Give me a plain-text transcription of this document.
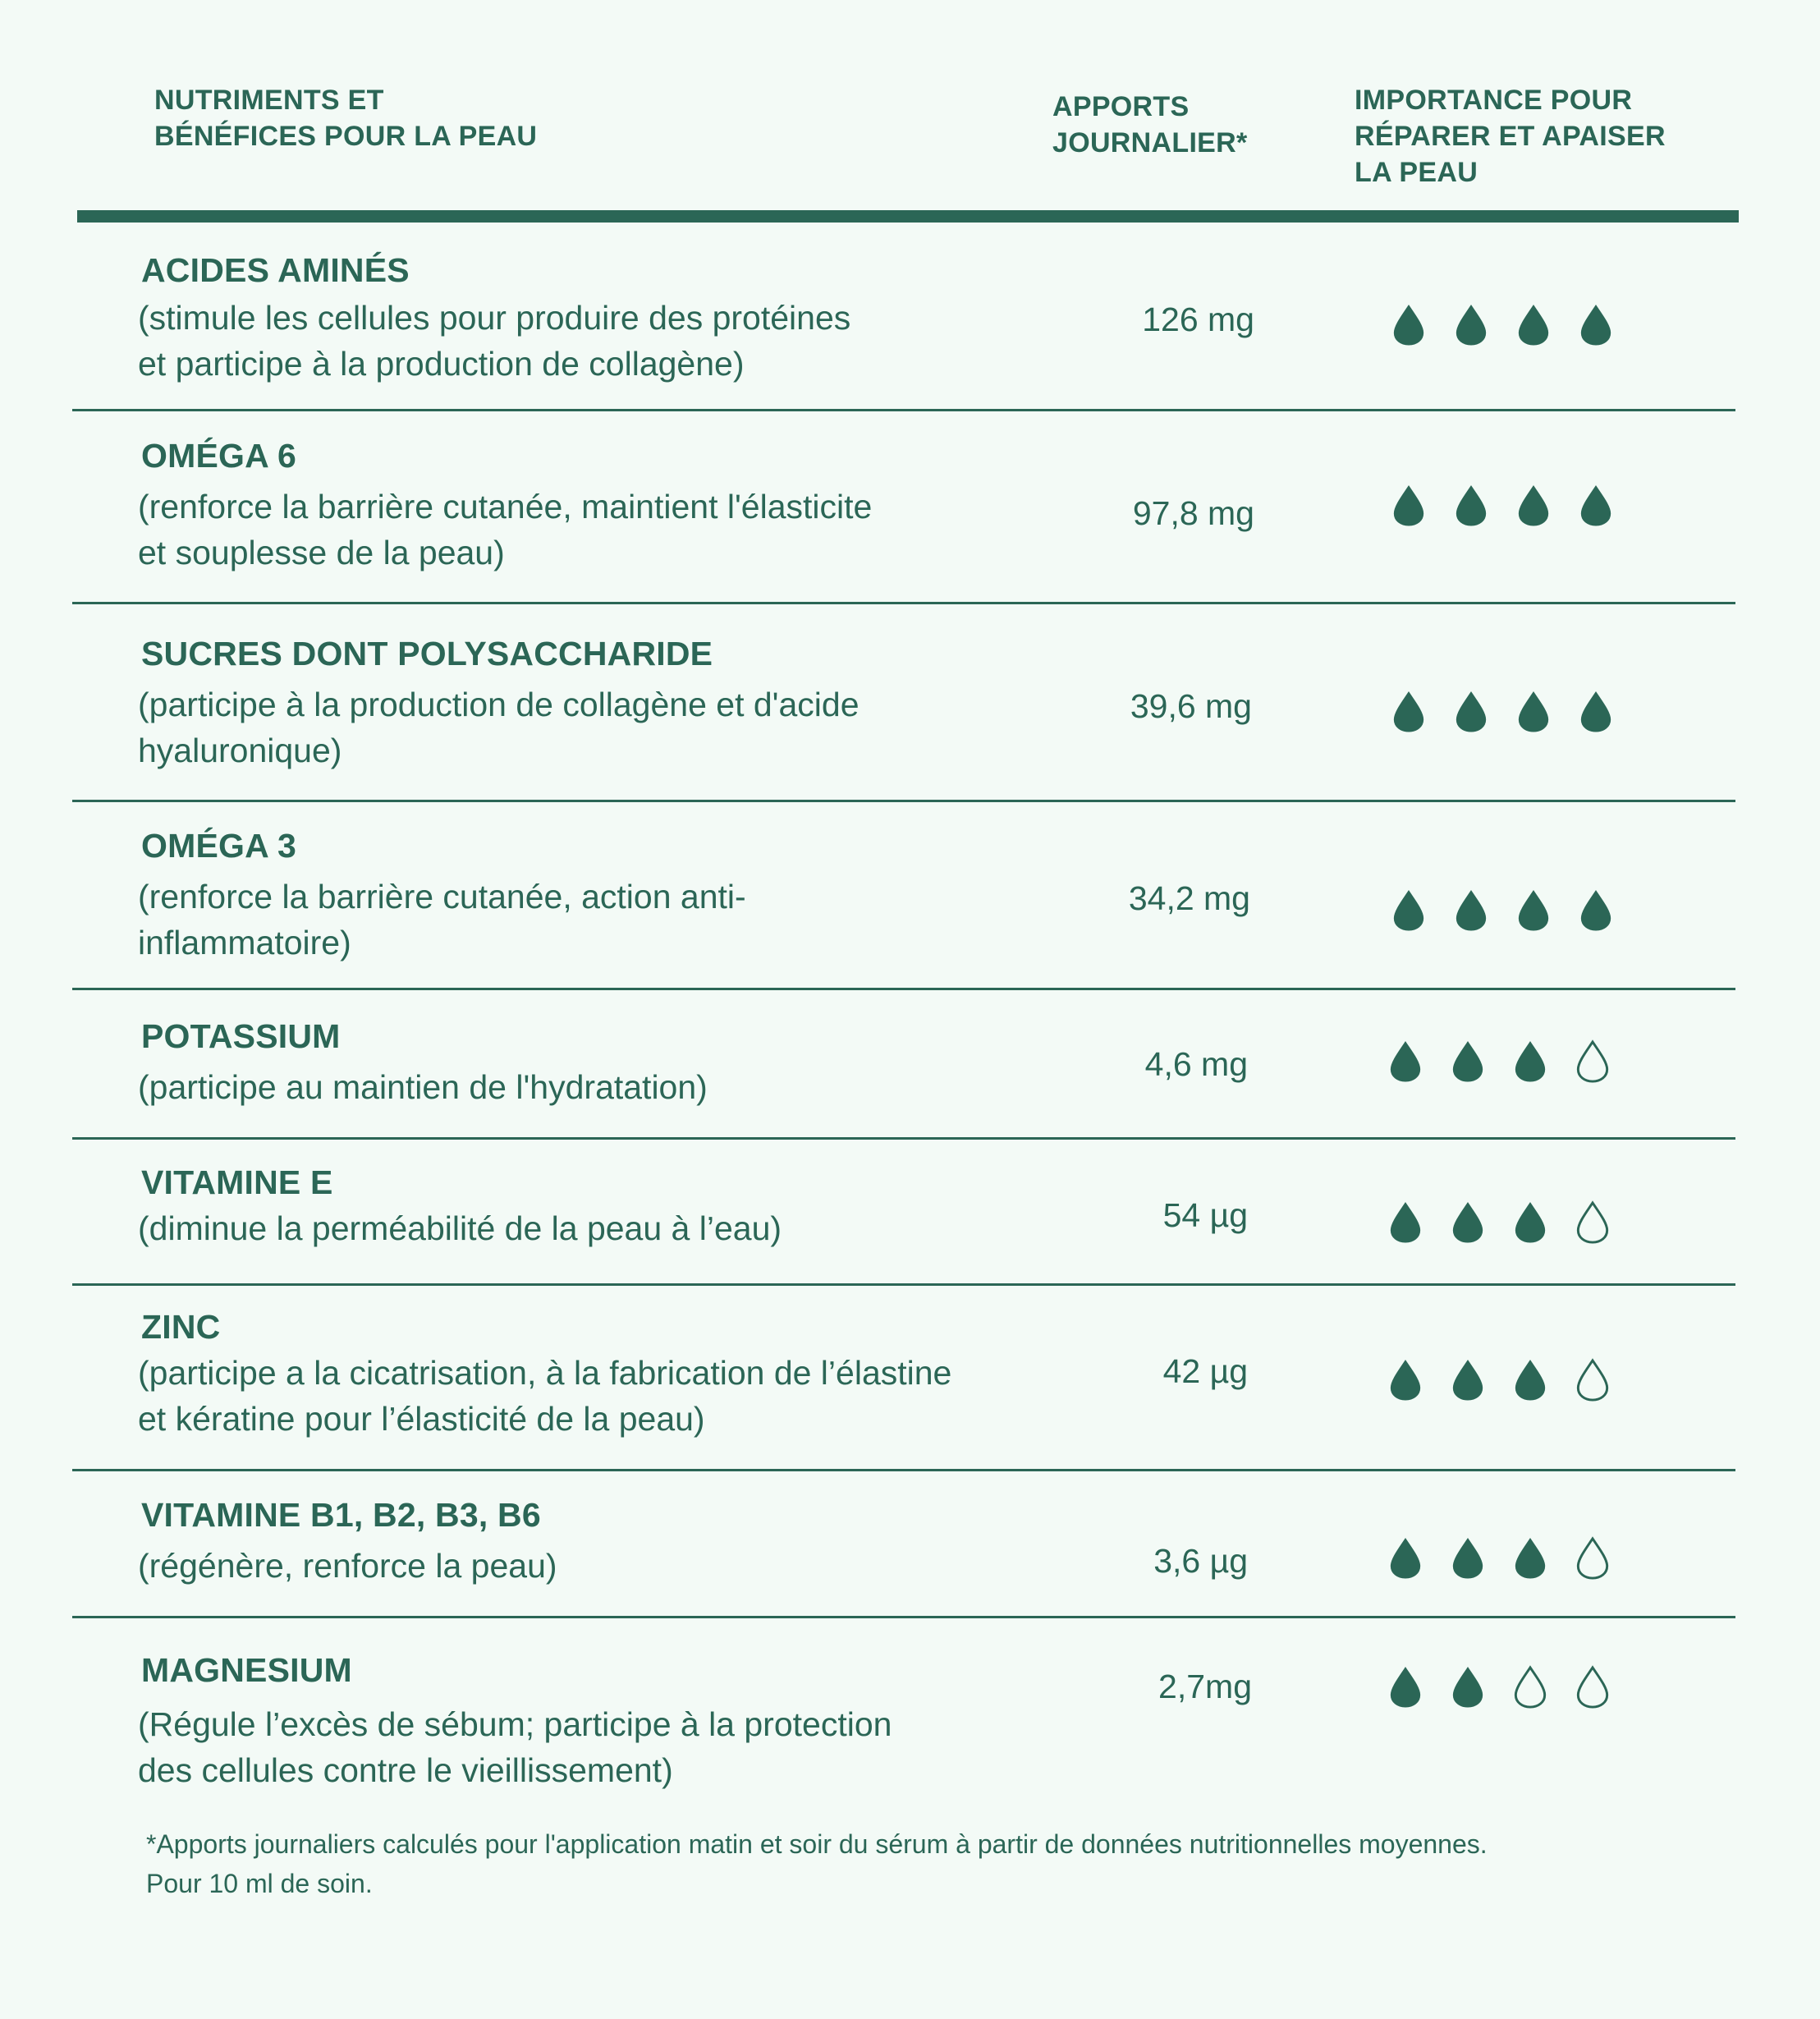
NUTRIMENTS ET
BÉNÉFICES POUR LA PEAU
APPORTS
JOURNALIER*
IMPORTANCE POUR
RÉPARER ET APAISER
LA PEAU
ACIDES AMINÉS
(stimule les cellules pour produire des protéines
et participe à la production de collagène)
126 mg
OMÉGA 6
(renforce la barrière cutanée, maintient l'élasticite
et souplesse de la peau)
97,8 mg
SUCRES DONT POLYSACCHARIDE
(participe à la production de collagène et d'acide
hyaluronique)
39,6 mg
OMÉGA 3
(renforce la barrière cutanée, action anti-
inflammatoire)
34,2 mg
POTASSIUM
(participe au maintien de l'hydratation)
4,6 mg
VITAMINE E
(diminue la perméabilité de la peau à l’eau)	54 µg
ZINC
(participe a la cicatrisation, à la fabrication de l’élastine
et kératine pour l’élasticité de la peau)
42 µg
VITAMINE B1, B2, B3, B6
(régénère, renforce la peau)	3,6 µg
MAGNESIUM
(Régule l’excès de sébum; participe à la protection
des cellules contre le vieillissement)
2,7mg
*Apports journaliers calculés pour l'application matin et soir du sérum à partir de données nutritionnelles moyennes.
Pour 10 ml de soin.
